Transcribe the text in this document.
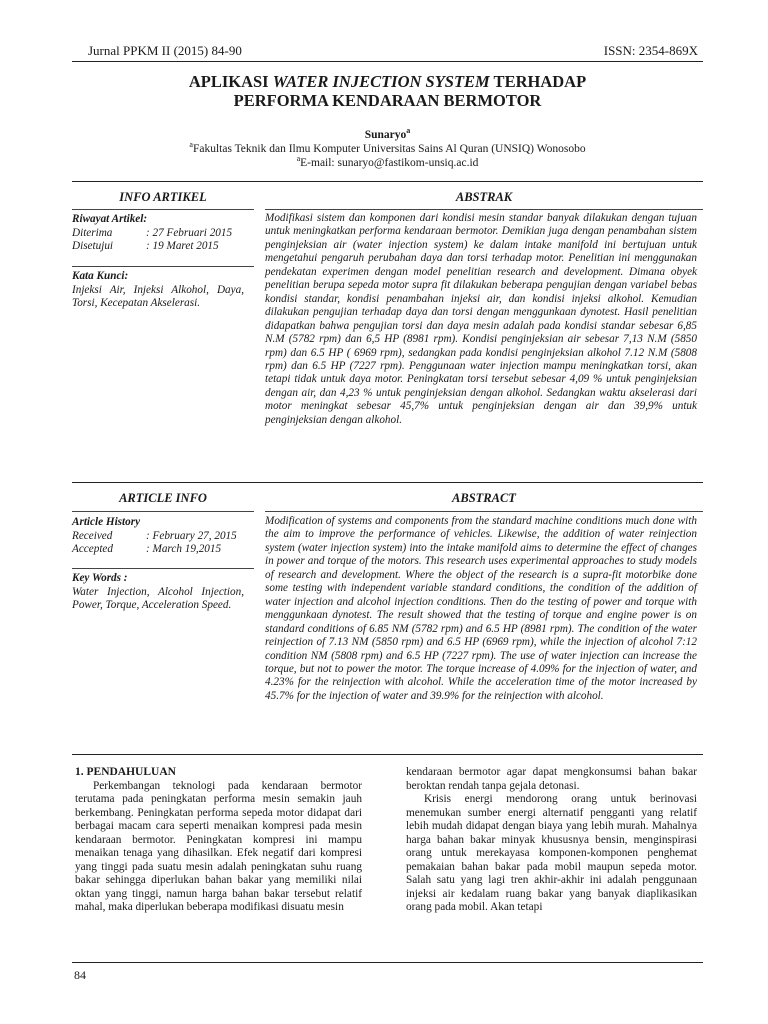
Jurnal PPKM II (2015) 84-90	ISSN: 2354-869X
APLIKASI WATER INJECTION SYSTEM TERHADAP
PERFORMA KENDARAAN BERMOTOR
Sunaryo$^a$
$^a$Fakultas Teknik dan Ilmu Komputer Universitas Sains Al Quran (UNSIQ) Wonosobo
$^a$E-mail: sunaryo@fastikom-unsiq.ac.id
INFO ARTIKEL	ABSTRAK
Riwayat Artikel:
Diterima	: 27 Februari 2015
Disetujui	: 19 Maret 2015
Kata Kunci:
Injeksi Air, Injeksi Alkohol, Daya, Torsi, Kecepatan Akselerasi.
Modifikasi sistem dan komponen dari kondisi mesin standar banyak dilakukan dengan tujuan untuk meningkatkan performa kendaraan bermotor. Demikian juga dengan penambahan sistem penginjeksian air (water injection system) ke dalam intake manifold ini bertujuan untuk mengetahui pengaruh perubahan daya dan torsi terhadap motor. Penelitian ini menggunakan pendekatan experimen dengan model penelitian research and development. Dimana obyek penelitian berupa sepeda motor supra fit dilakukan beberapa pengujian dengan variabel bebas kondisi standar, kondisi penambahan injeksi air, dan kondisi injeksi alkohol. Kemudian dilakukan pengujian terhadap daya dan torsi dengan menggunkaan dynotest. Hasil penelitian didapatkan bahwa pengujian torsi dan daya mesin adalah pada kondisi standar sebesar 6,85 N.M (5782 rpm) dan 6,5 HP (8981 rpm). Kondisi penginjeksian air sebesar 7,13 N.M (5850 rpm) dan 6.5 HP ( 6969 rpm), sedangkan pada kondisi penginjeksian alkohol 7.12 N.M (5808 rpm) dan 6.5 HP (7227 rpm). Penggunaan water injection mampu meningkatkan torsi, akan tetapi tidak untuk daya motor. Peningkatan torsi tersebut sebesar 4,09 % untuk penginjeksian dengan air, dan 4,23 % untuk penginjeksian dengan alkohol. Sedangkan waktu akselerasi dari motor meningkat sebesar 45,7% untuk penginjeksian dengan air dan 39,9% untuk penginjeksian dengan alkohol.
ARTICLE INFO	ABSTRACT
Article History
Received	: February 27, 2015
Accepted	: March 19,2015
Key Words :
Water Injection, Alcohol Injection, Power, Torque, Acceleration Speed.
Modification of systems and components from the standard machine conditions much done with the aim to improve the performance of vehicles. Likewise, the addition of water reinjection system (water injection system) into the intake manifold aims to determine the effect of changes in power and torque of the motors. This research uses experimental approaches to study models of research and development. Where the object of the research is a supra-fit motorbike done some testing with independent variable standard conditions, the condition of the addition of water injection and alcohol injection conditions. Then do the testing of power and torque with menggunkaan dynotest. The result showed that the testing of torque and engine power is on standard conditions of 6.85 NM (5782 rpm) and 6.5 HP (8981 rpm). The condition of the water reinjection of 7.13 NM (5850 rpm) and 6.5 HP (6969 rpm), while the injection of alcohol 7:12 condition NM (5808 rpm) and 6.5 HP (7227 rpm). The use of water injection can increase the torque, but not to power the motor. The torque increase of 4.09% for the injection of water, and 4.23% for the reinjection with alcohol. While the acceleration time of the motor increased by 45.7% for the injection of water and 39.9% for the reinjection with alcohol.
1. PENDAHULUAN
Perkembangan teknologi pada kendaraan bermotor terutama pada peningkatan performa mesin semakin jauh berkembang. Peningkatan performa sepeda motor didapat dari berbagai macam cara seperti menaikan kompresi pada mesin kendaraan bermotor. Peningkatan kompresi ini mampu menaikan tenaga yang dihasilkan. Efek negatif dari kompresi yang tinggi pada suatu mesin adalah peningkatan suhu ruang bakar sehingga diperlukan bahan bakar yang memiliki nilai oktan yang tinggi, namun harga bahan bakar tersebut relatif mahal, maka diperlukan beberapa modifikasi disuatu mesin
kendaraan bermotor agar dapat mengkonsumsi bahan bakar beroktan rendah tanpa gejala detonasi.
Krisis energi mendorong orang untuk berinovasi menemukan sumber energi alternatif pengganti yang relatif lebih mudah didapat dengan biaya yang lebih murah. Mahalnya harga bahan bakar minyak khususnya bensin, menginspirasi orang untuk merekayasa komponen-komponen penghemat pemakaian bahan bakar pada mobil maupun sepeda motor. Salah satu yang lagi tren akhir-akhir ini adalah penggunaan injeksi air kedalam ruang bakar yang banyak diaplikasikan orang pada mobil. Akan tetapi
84
